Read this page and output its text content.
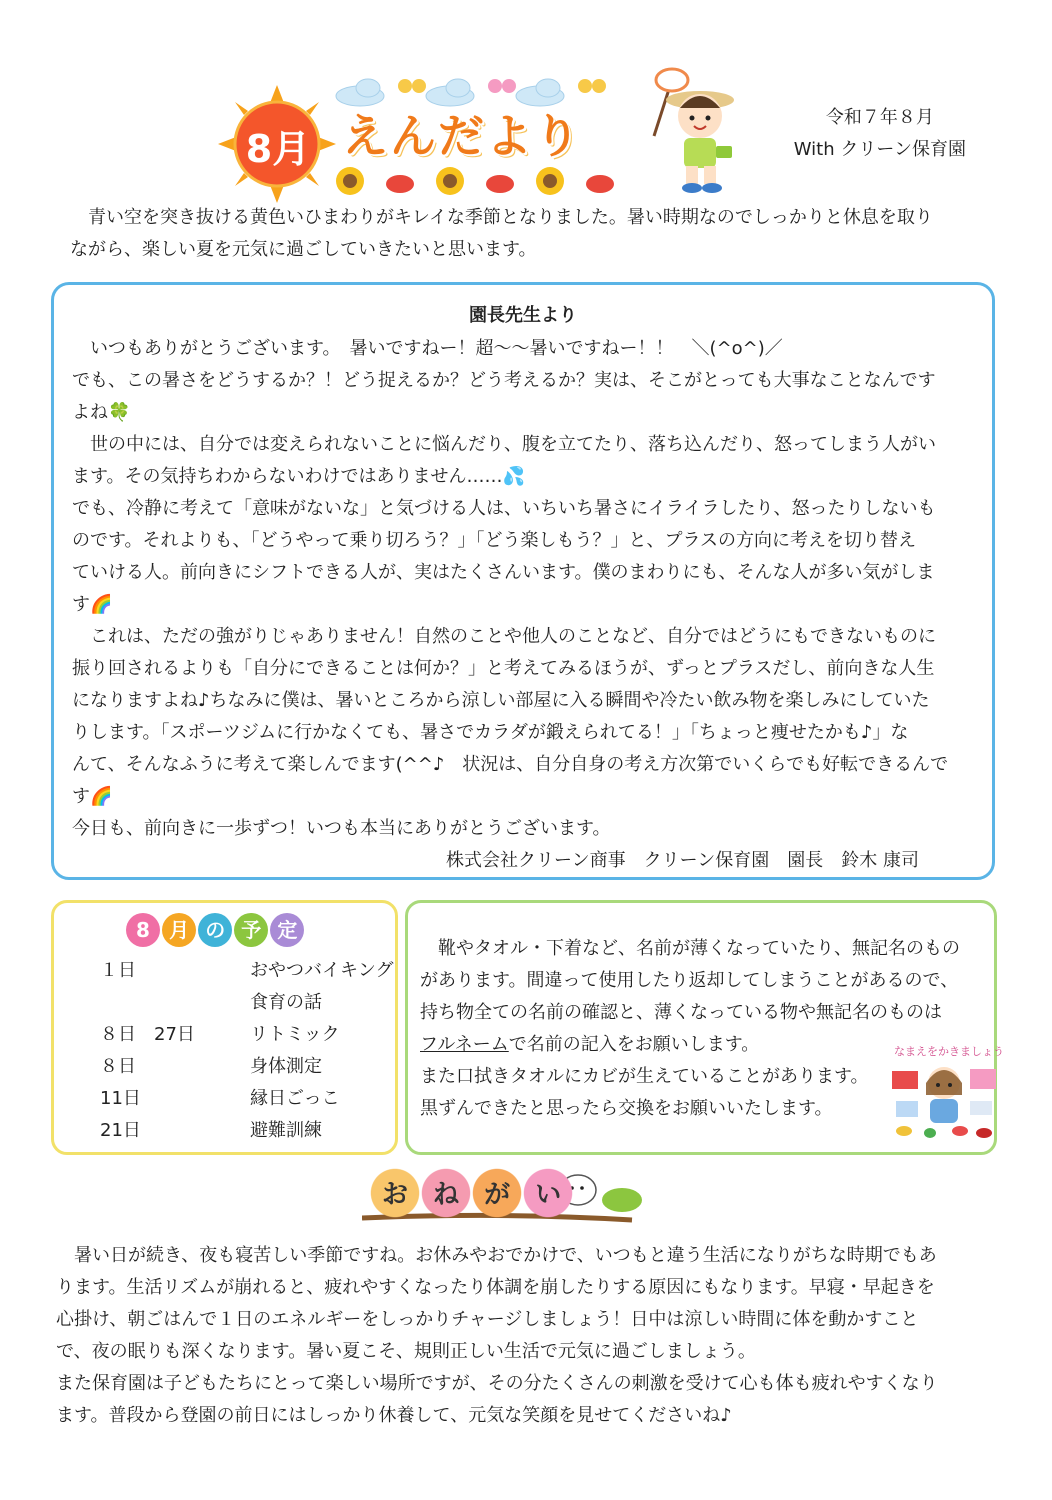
8月 えんだより	令和７年８月
With クリーン保育園

　青い空を突き抜ける黄色いひまわりがキレイな季節となりました。暑い時期なのでしっかりと休息を取り

ながら、楽しい夏を元気に過ごしていきたいと思います。

園長先生より

　いつもありがとうございます。　暑いですねー！超〜〜暑いですねー！！　＼(^o^)／

でも、この暑さをどうするか？！どう捉えるか？どう考えるか？実は、そこがとっても大事なことなんです

よね🍀

　世の中には、自分では変えられないことに悩んだり、腹を立てたり、落ち込んだり、怒ってしまう人がい

ます。その気持ちわからないわけではありません……💦

でも、冷静に考えて「意味がないな」と気づける人は、いちいち暑さにイライラしたり、怒ったりしないも

のです。それよりも、「どうやって乗り切ろう？」「どう楽しもう？」と、プラスの方向に考えを切り替え

ていける人。前向きにシフトできる人が、実はたくさんいます。僕のまわりにも、そんな人が多い気がしま

す🌈

　これは、ただの強がりじゃありません！自然のことや他人のことなど、自分ではどうにもできないものに

振り回されるよりも「自分にできることは何か？」と考えてみるほうが、ずっとプラスだし、前向きな人生

になりますよね♪ちなみに僕は、暑いところから涼しい部屋に入る瞬間や冷たい飲み物を楽しみにしていた

りします。「スポーツジムに行かなくても、暑さでカラダが鍛えられてる！」「ちょっと痩せたかも♪」な

んて、そんなふうに考えて楽しんでます(^^♪　状況は、自分自身の考え方次第でいくらでも好転できるんで

す🌈

今日も、前向きに一歩ずつ！いつも本当にありがとうございます。

株式会社クリーン商事　クリーン保育園　園長　鈴木 康司

8 月 の 予 定
１日	おやつバイキング
食育の話
８日　27日	リトミック
８日	身体測定
11日	縁日ごっこ
21日	避難訓練

　靴やタオル・下着など、名前が薄くなっていたり、無記名のもの

があります。間違って使用したり返却してしまうことがあるので、

持ち物全ての名前の確認と、薄くなっている物や無記名のものは

フルネームで名前の記入をお願いします。

また口拭きタオルにカビが生えていることがあります。

黒ずんできたと思ったら交換をお願いいたします。

なまえをかきましょう
お ね が い

　暑い日が続き、夜も寝苦しい季節ですね。お休みやおでかけで、いつもと違う生活になりがちな時期でもあ

ります。生活リズムが崩れると、疲れやすくなったり体調を崩したりする原因にもなります。早寝・早起きを

心掛け、朝ごはんで１日のエネルギーをしっかりチャージしましょう！日中は涼しい時間に体を動かすこと

で、夜の眠りも深くなります。暑い夏こそ、規則正しい生活で元気に過ごしましょう。

また保育園は子どもたちにとって楽しい場所ですが、その分たくさんの刺激を受けて心も体も疲れやすくなり

ます。普段から登園の前日にはしっかり休養して、元気な笑顔を見せてくださいね♪
